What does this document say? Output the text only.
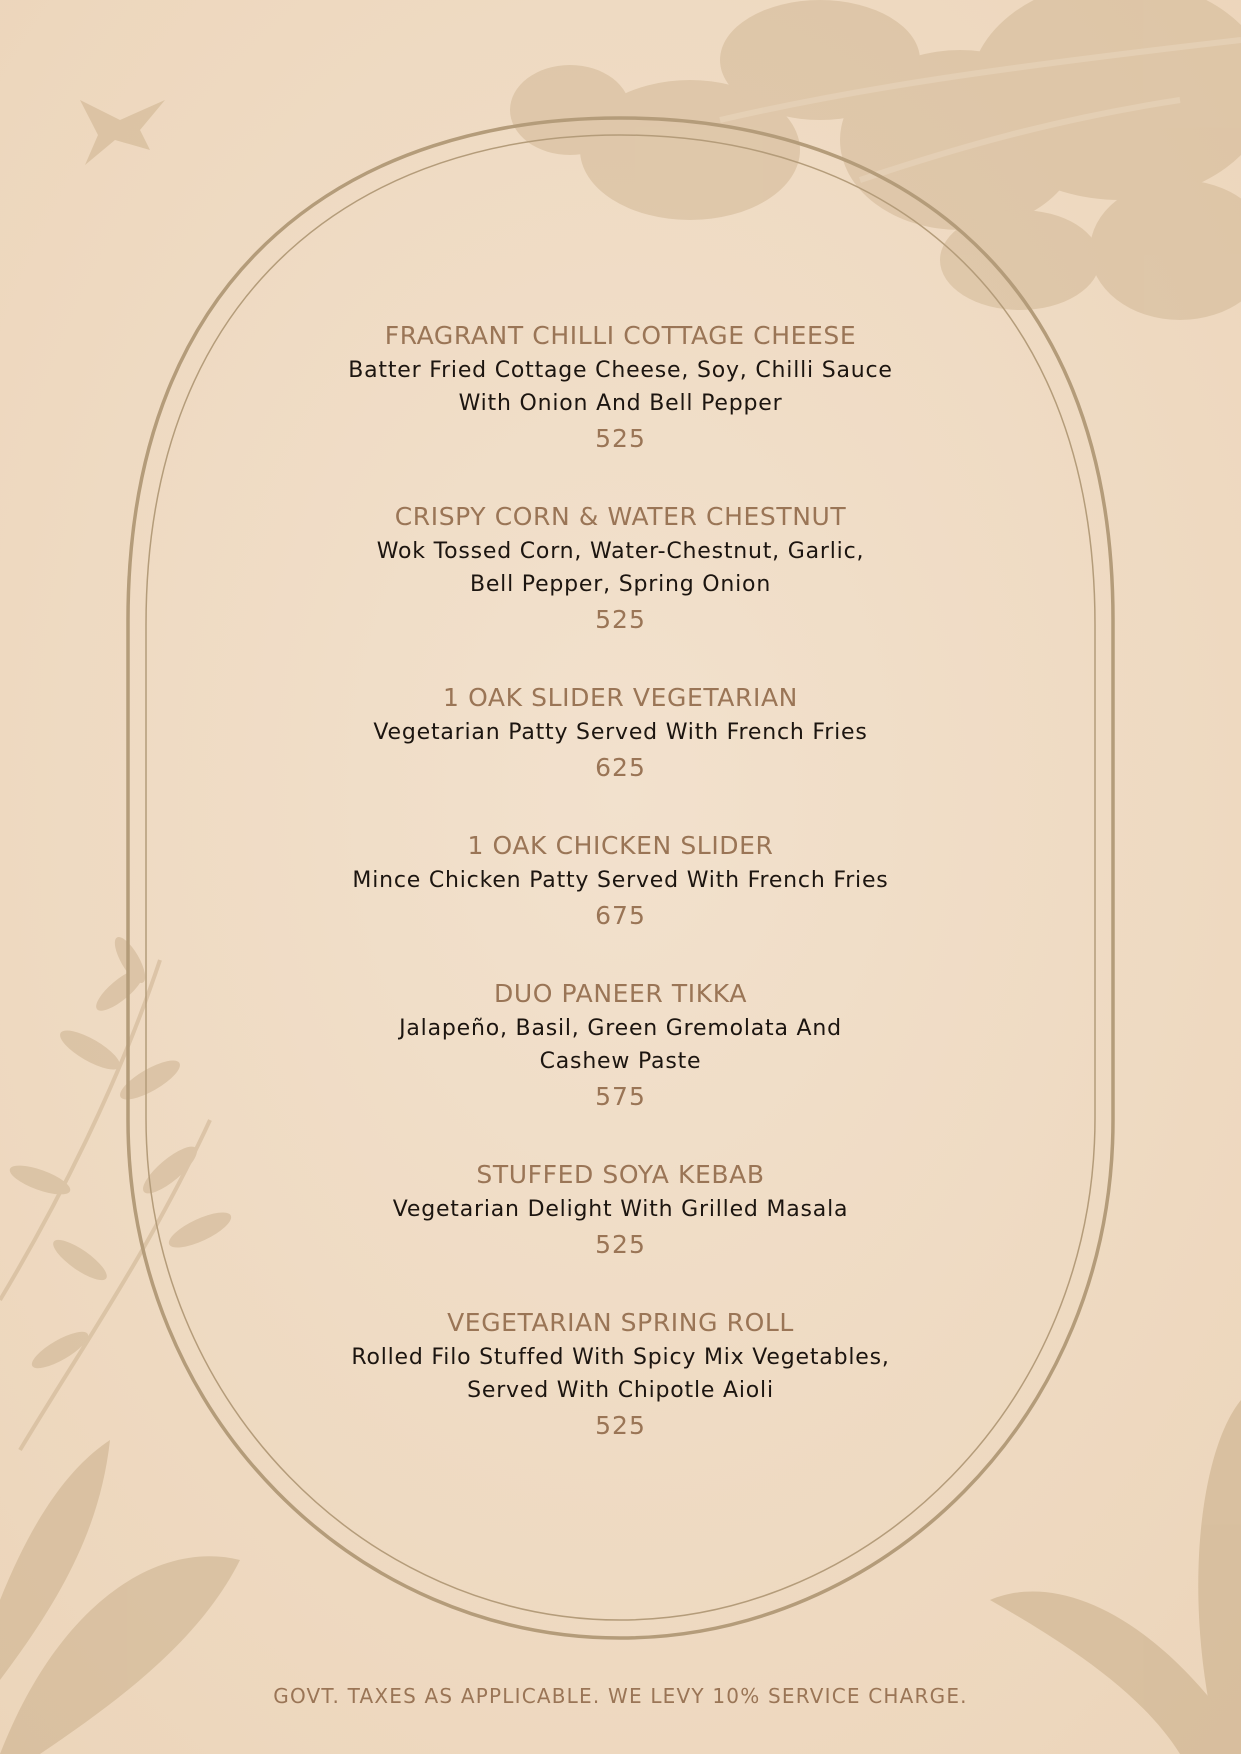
FRAGRANT CHILLI COTTAGE CHEESE
Batter Fried Cottage Cheese, Soy, Chilli Sauce
With Onion And Bell Pepper
525
CRISPY CORN & WATER CHESTNUT
Wok Tossed Corn, Water-Chestnut, Garlic,
Bell Pepper, Spring Onion
525
1 OAK SLIDER VEGETARIAN
Vegetarian Patty Served With French Fries
625
1 OAK CHICKEN SLIDER
Mince Chicken Patty Served With French Fries
675
DUO PANEER TIKKA
Jalapeño, Basil, Green Gremolata And
Cashew Paste
575
STUFFED SOYA KEBAB
Vegetarian Delight With Grilled Masala
525
VEGETARIAN SPRING ROLL
Rolled Filo Stuffed With Spicy Mix Vegetables,
Served With Chipotle Aioli
525
GOVT. TAXES AS APPLICABLE. WE LEVY 10% SERVICE CHARGE.
